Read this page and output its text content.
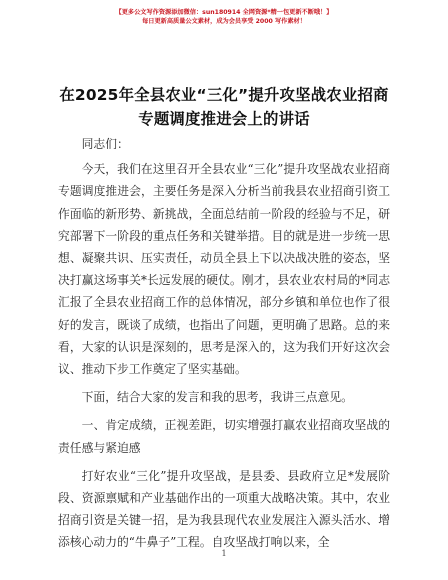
【更多公文写作资源添加微信：sun180914 全网资源*精一包更新不断哦！】
每日更新高质量公文素材，成为会员享受 2000 写作素材！
在2025年全县农业“三化”提升攻坚战农业招商专题调度推进会上的讲话

同志们：

今天，我们在这里召开全县农业“三化”提升攻坚战农业招商专题调度推进会，主要任务是深入分析当前我县农业招商引资工作面临的新形势、新挑战，全面总结前一阶段的经验与不足，研究部署下一阶段的重点任务和关键举措。目的就是进一步统一思想、凝聚共识、压实责任，动员全县上下以决战决胜的姿态，坚决打赢这场事关*长远发展的硬仗。刚才，县农业农村局的*同志汇报了全县农业招商工作的总体情况，部分乡镇和单位也作了很好的发言，既谈了成绩，也指出了问题，更明确了思路。总的来看，大家的认识是深刻的，思考是深入的，这为我们开好这次会议、推动下步工作奠定了坚实基础。

下面，结合大家的发言和我的思考，我讲三点意见。

一、肯定成绩，正视差距，切实增强打赢农业招商攻坚战的责任感与紧迫感

打好农业“三化”提升攻坚战，是县委、县政府立足*发展阶段、资源禀赋和产业基础作出的一项重大战略决策。其中，农业招商引资是关键一招，是为我县现代农业发展注入源头活水、增添核心动力的“牛鼻子”工程。自攻坚战打响以来，全

1
